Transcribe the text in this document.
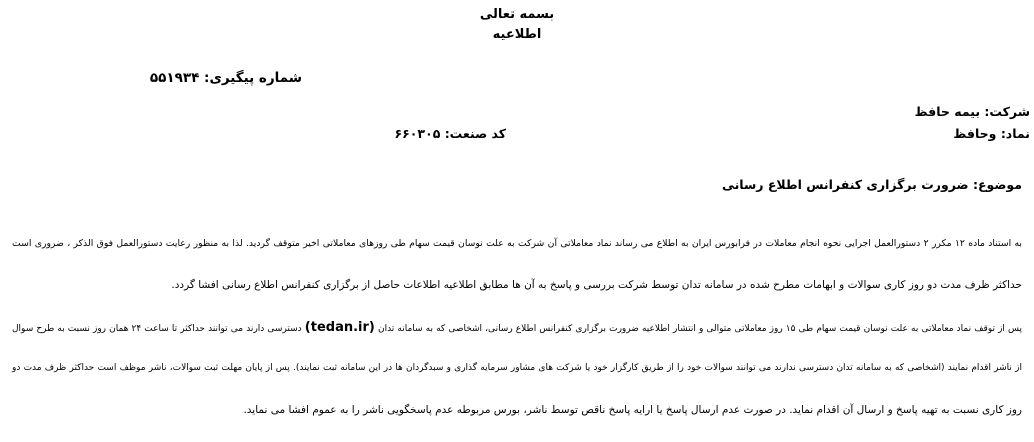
بسمه تعالی
اطلاعیه
شماره پیگیری: ۵۵۱۹۳۴
شرکت: بیمه حافظ
نماد: وحافظ
کد صنعت: ۶۶۰۳۰۵
موضوع: ضرورت برگزاری کنفرانس اطلاع رسانی
به استناد ماده ۱۲ مکرر ۲ دستورالعمل اجرایی نحوه انجام معاملات در فرابورس ایران به اطلاع می رساند نماد معاملاتی آن شرکت به علت نوسان قیمت سهام طی روزهای معاملاتی اخیر متوقف گردید. لذا به منظور رعایت دستورالعمل فوق الذکر ، ضروری است
حداکثر ظرف مدت دو روز کاری سوالات و ابهامات مطرح شده در سامانه تدان توسط شرکت بررسی و پاسخ به آن ها مطابق اطلاعیه اطلاعات حاصل از برگزاری کنفرانس اطلاع رسانی افشا گردد.
پس از توقف نماد معاملاتی به علت نوسان قیمت سهام طی ۱۵ روز معاملاتی متوالی و انتشار اطلاعیه ضرورت برگزاری کنفرانس اطلاع رسانی، اشخاصی که به سامانه تدان (tedan.ir) دسترسی دارند می توانند حداکثر تا ساعت ۲۴ همان روز نسبت به طرح سوال
از ناشر اقدام نمایند (اشخاصی که به سامانه تدان دسترسی ندارند می توانند سوالات خود را از طریق کارگزار خود یا شرکت های مشاور سرمایه گذاری و سبدگردان ها در این سامانه ثبت نمایند). پس از پایان مهلت ثبت سوالات، ناشر موظف است حداکثر ظرف مدت دو
روز کاری نسبت به تهیه پاسخ و ارسال آن اقدام نماید. در صورت عدم ارسال پاسخ یا ارایه پاسخ ناقص توسط ناشر، بورس مربوطه عدم پاسخگویی ناشر را به عموم افشا می نماید.
